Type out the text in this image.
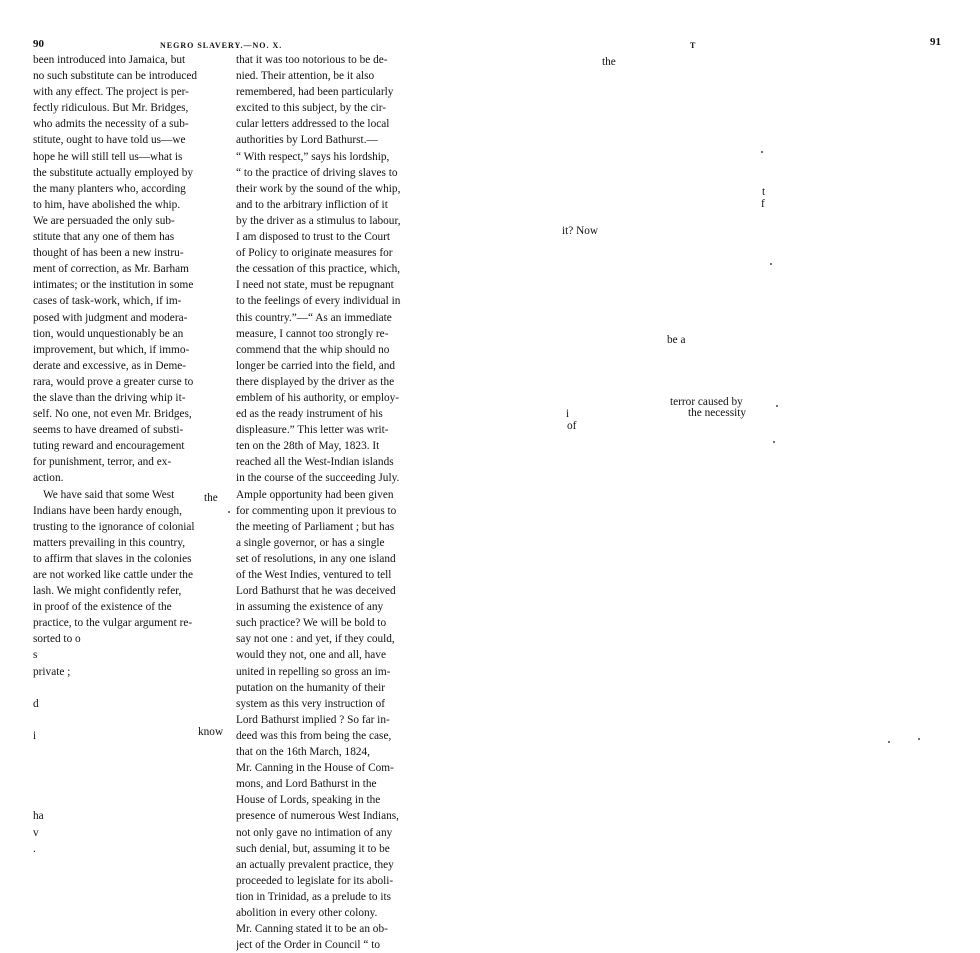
90	NEGRO SLAVERY.—NO. X.	T	91
been introduced into Jamaica, but
no such substitute can be introduced
with any effect. The project is per-
fectly ridiculous. But Mr. Bridges,
who admits the necessity of a sub-
stitute, ought to have told us—we
hope he will still tell us—what is
the substitute actually employed by
the many planters who, according
to him, have abolished the whip.
We are persuaded the only sub-
stitute that any one of them has
thought of has been a new instru-
ment of correction, as Mr. Barham
intimates; or the institution in some
cases of task-work, which, if im-
posed with judgment and modera-
tion, would unquestionably be an
improvement, but which, if immo-
derate and excessive, as in Deme-
rara, would prove a greater curse to
the slave than the driving whip it-
self. No one, not even Mr. Bridges,
seems to have dreamed of substi-
tuting reward and encouragement
for punishment, terror, and ex-
action.
We have said that some West
Indians have been hardy enough,
trusting to the ignorance of colonial
matters prevailing in this country,
to affirm that slaves in the colonies
are not worked like cattle under the
lash. We might confidently refer,
in proof of the existence of the
practice, to the vulgar argument re-
sorted to o
s
private ;

d

i

ha
v
.
the
know
that it was too notorious to be de-
nied. Their attention, be it also
remembered, had been particularly
excited to this subject, by the cir-
cular letters addressed to the local
authorities by Lord Bathurst.—
“ With respect,” says his lordship,
“ to the practice of driving slaves to
their work by the sound of the whip,
and to the arbitrary infliction of it
by the driver as a stimulus to labour,
I am disposed to trust to the Court
of Policy to originate measures for
the cessation of this practice, which,
I need not state, must be repugnant
to the feelings of every individual in
this country.”—“ As an immediate
measure, I cannot too strongly re-
commend that the whip should no
longer be carried into the field, and
there displayed by the driver as the
emblem of his authority, or employ-
ed as the ready instrument of his
displeasure.” This letter was writ-
ten on the 28th of May, 1823. It
reached all the West-Indian islands
in the course of the succeeding July.
Ample opportunity had been given
for commenting upon it previous to
the meeting of Parliament ; but has
a single governor, or has a single
set of resolutions, in any one island
of the West Indies, ventured to tell
Lord Bathurst that he was deceived
in assuming the existence of any
such practice? We will be bold to
say not one : and yet, if they could,
would they not, one and all, have
united in repelling so gross an im-
putation on the humanity of their
system as this very instruction of
Lord Bathurst implied ? So far in-
deed was this from being the case,
that on the 16th March, 1824,
Mr. Canning in the House of Com-
mons, and Lord Bathurst in the
House of Lords, speaking in the
presence of numerous West Indians,
not only gave no intimation of any
such denial, but, assuming it to be
an actually prevalent practice, they
proceeded to legislate for its aboli-
tion in Trinidad, as a prelude to its
abolition in every other colony.
Mr. Canning stated it to be an ob-
ject of the Order in Council “ to
the
t
f
it? Now
be a
terror caused by
i	the necessity
of
